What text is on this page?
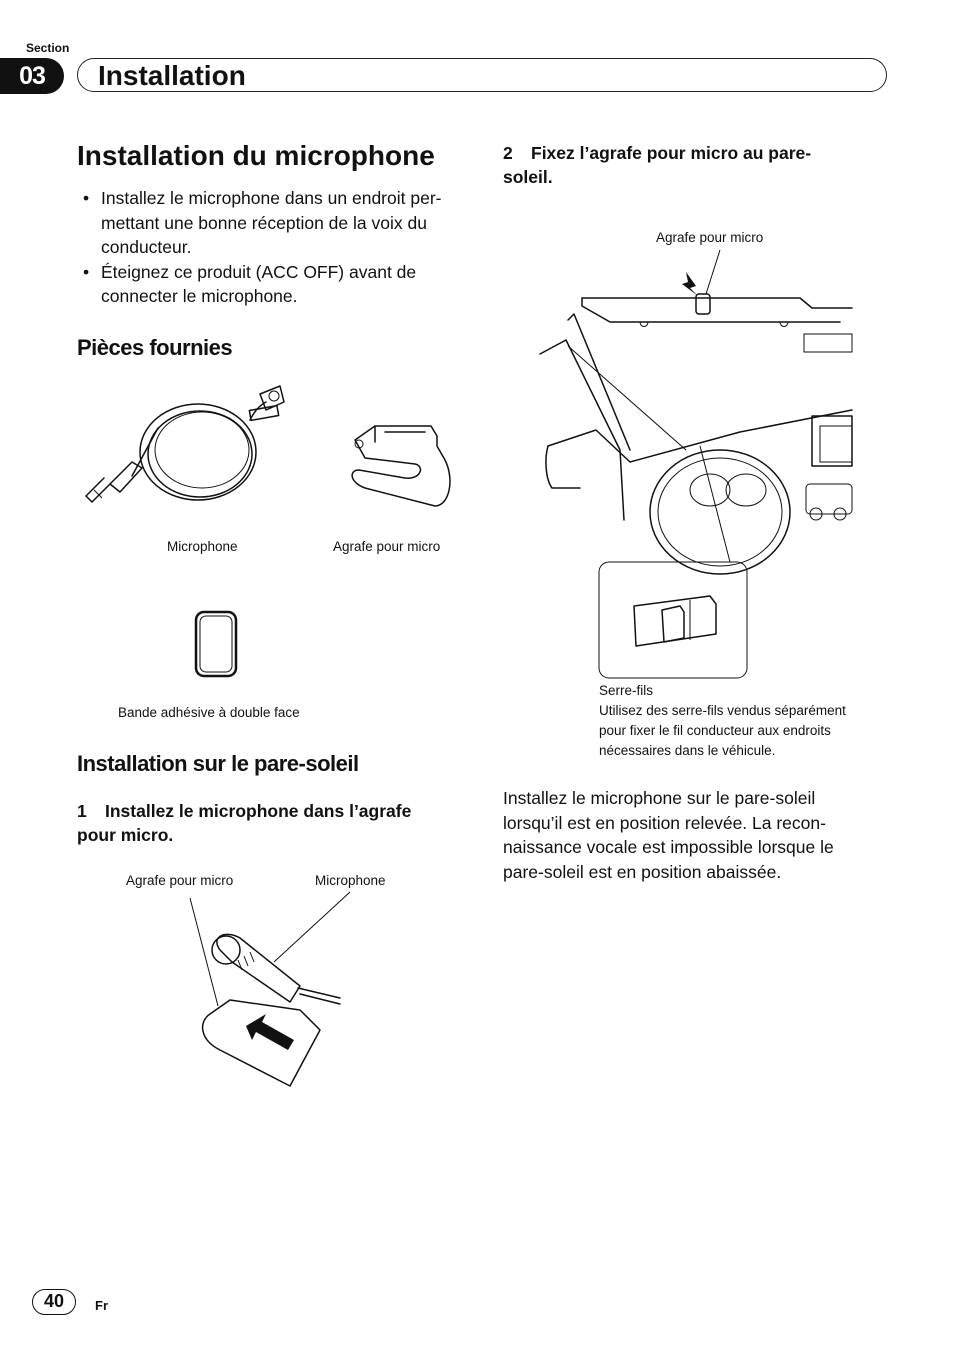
Section
03	Installation
Installation du microphone
• Installez le microphone dans un endroit per-
mettant une bonne réception de la voix du
conducteur.
• Éteignez ce produit (ACC OFF) avant de
connecter le microphone.
Pièces fournies
Microphone	Agrafe pour micro
Bande adhésive à double face
Installation sur le pare-soleil
1 Installez le microphone dans l’agrafe
pour micro.
Agrafe pour micro	Microphone
2 Fixez l’agrafe pour micro au pare-
soleil.
Agrafe pour micro
Serre-fils
Utilisez des serre-fils vendus séparément
pour fixer le fil conducteur aux endroits
nécessaires dans le véhicule.
Installez le microphone sur le pare-soleil
lorsqu’il est en position relevée. La recon-
naissance vocale est impossible lorsque le
pare-soleil est en position abaissée.
40	Fr
